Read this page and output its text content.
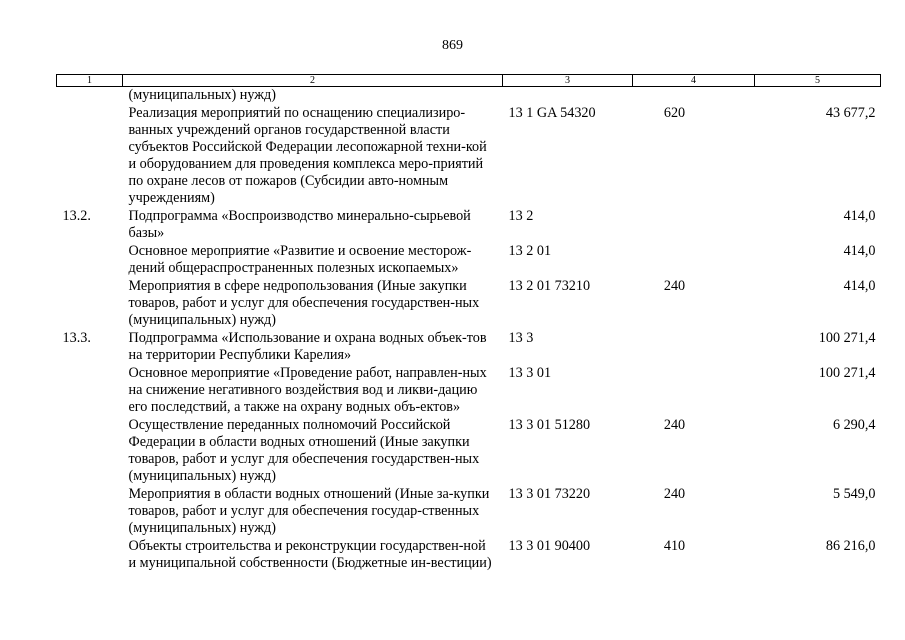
869
1	2	3	4	5
	(муниципальных) нужд)			
	Реализация мероприятий по оснащению специализиро-ванных учреждений органов государственной власти субъектов Российской Федерации лесопожарной техни-кой и оборудованием для проведения комплекса меро-приятий по охране лесов от пожаров (Субсидии авто-номным учреждениям)	13 1 GA 54320	620	43 677,2
13.2.	Подпрограмма «Воспроизводство минерально-сырьевой базы»	13 2		414,0
	Основное мероприятие «Развитие и освоение месторож-дений общераспространенных полезных ископаемых»	13 2 01		414,0
	Мероприятия в сфере недропользования (Иные закупки товаров, работ и услуг для обеспечения государствен-ных (муниципальных) нужд)	13 2 01 73210	240	414,0
13.3.	Подпрограмма «Использование и охрана водных объек-тов на территории Республики Карелия»	13 3		100 271,4
	Основное мероприятие «Проведение работ, направлен-ных на снижение негативного воздействия вод и ликви-дацию его последствий, а также на охрану водных объ-ектов»	13 3 01		100 271,4
	Осуществление переданных полномочий Российской Федерации в области водных отношений (Иные закупки товаров, работ и услуг для обеспечения государствен-ных (муниципальных) нужд)	13 3 01 51280	240	6 290,4
	Мероприятия в области водных отношений (Иные за-купки товаров, работ и услуг для обеспечения государ-ственных (муниципальных) нужд)	13 3 01 73220	240	5 549,0
	Объекты строительства и реконструкции государствен-ной и муниципальной собственности (Бюджетные ин-вестиции)	13 3 01 90400	410	86 216,0
